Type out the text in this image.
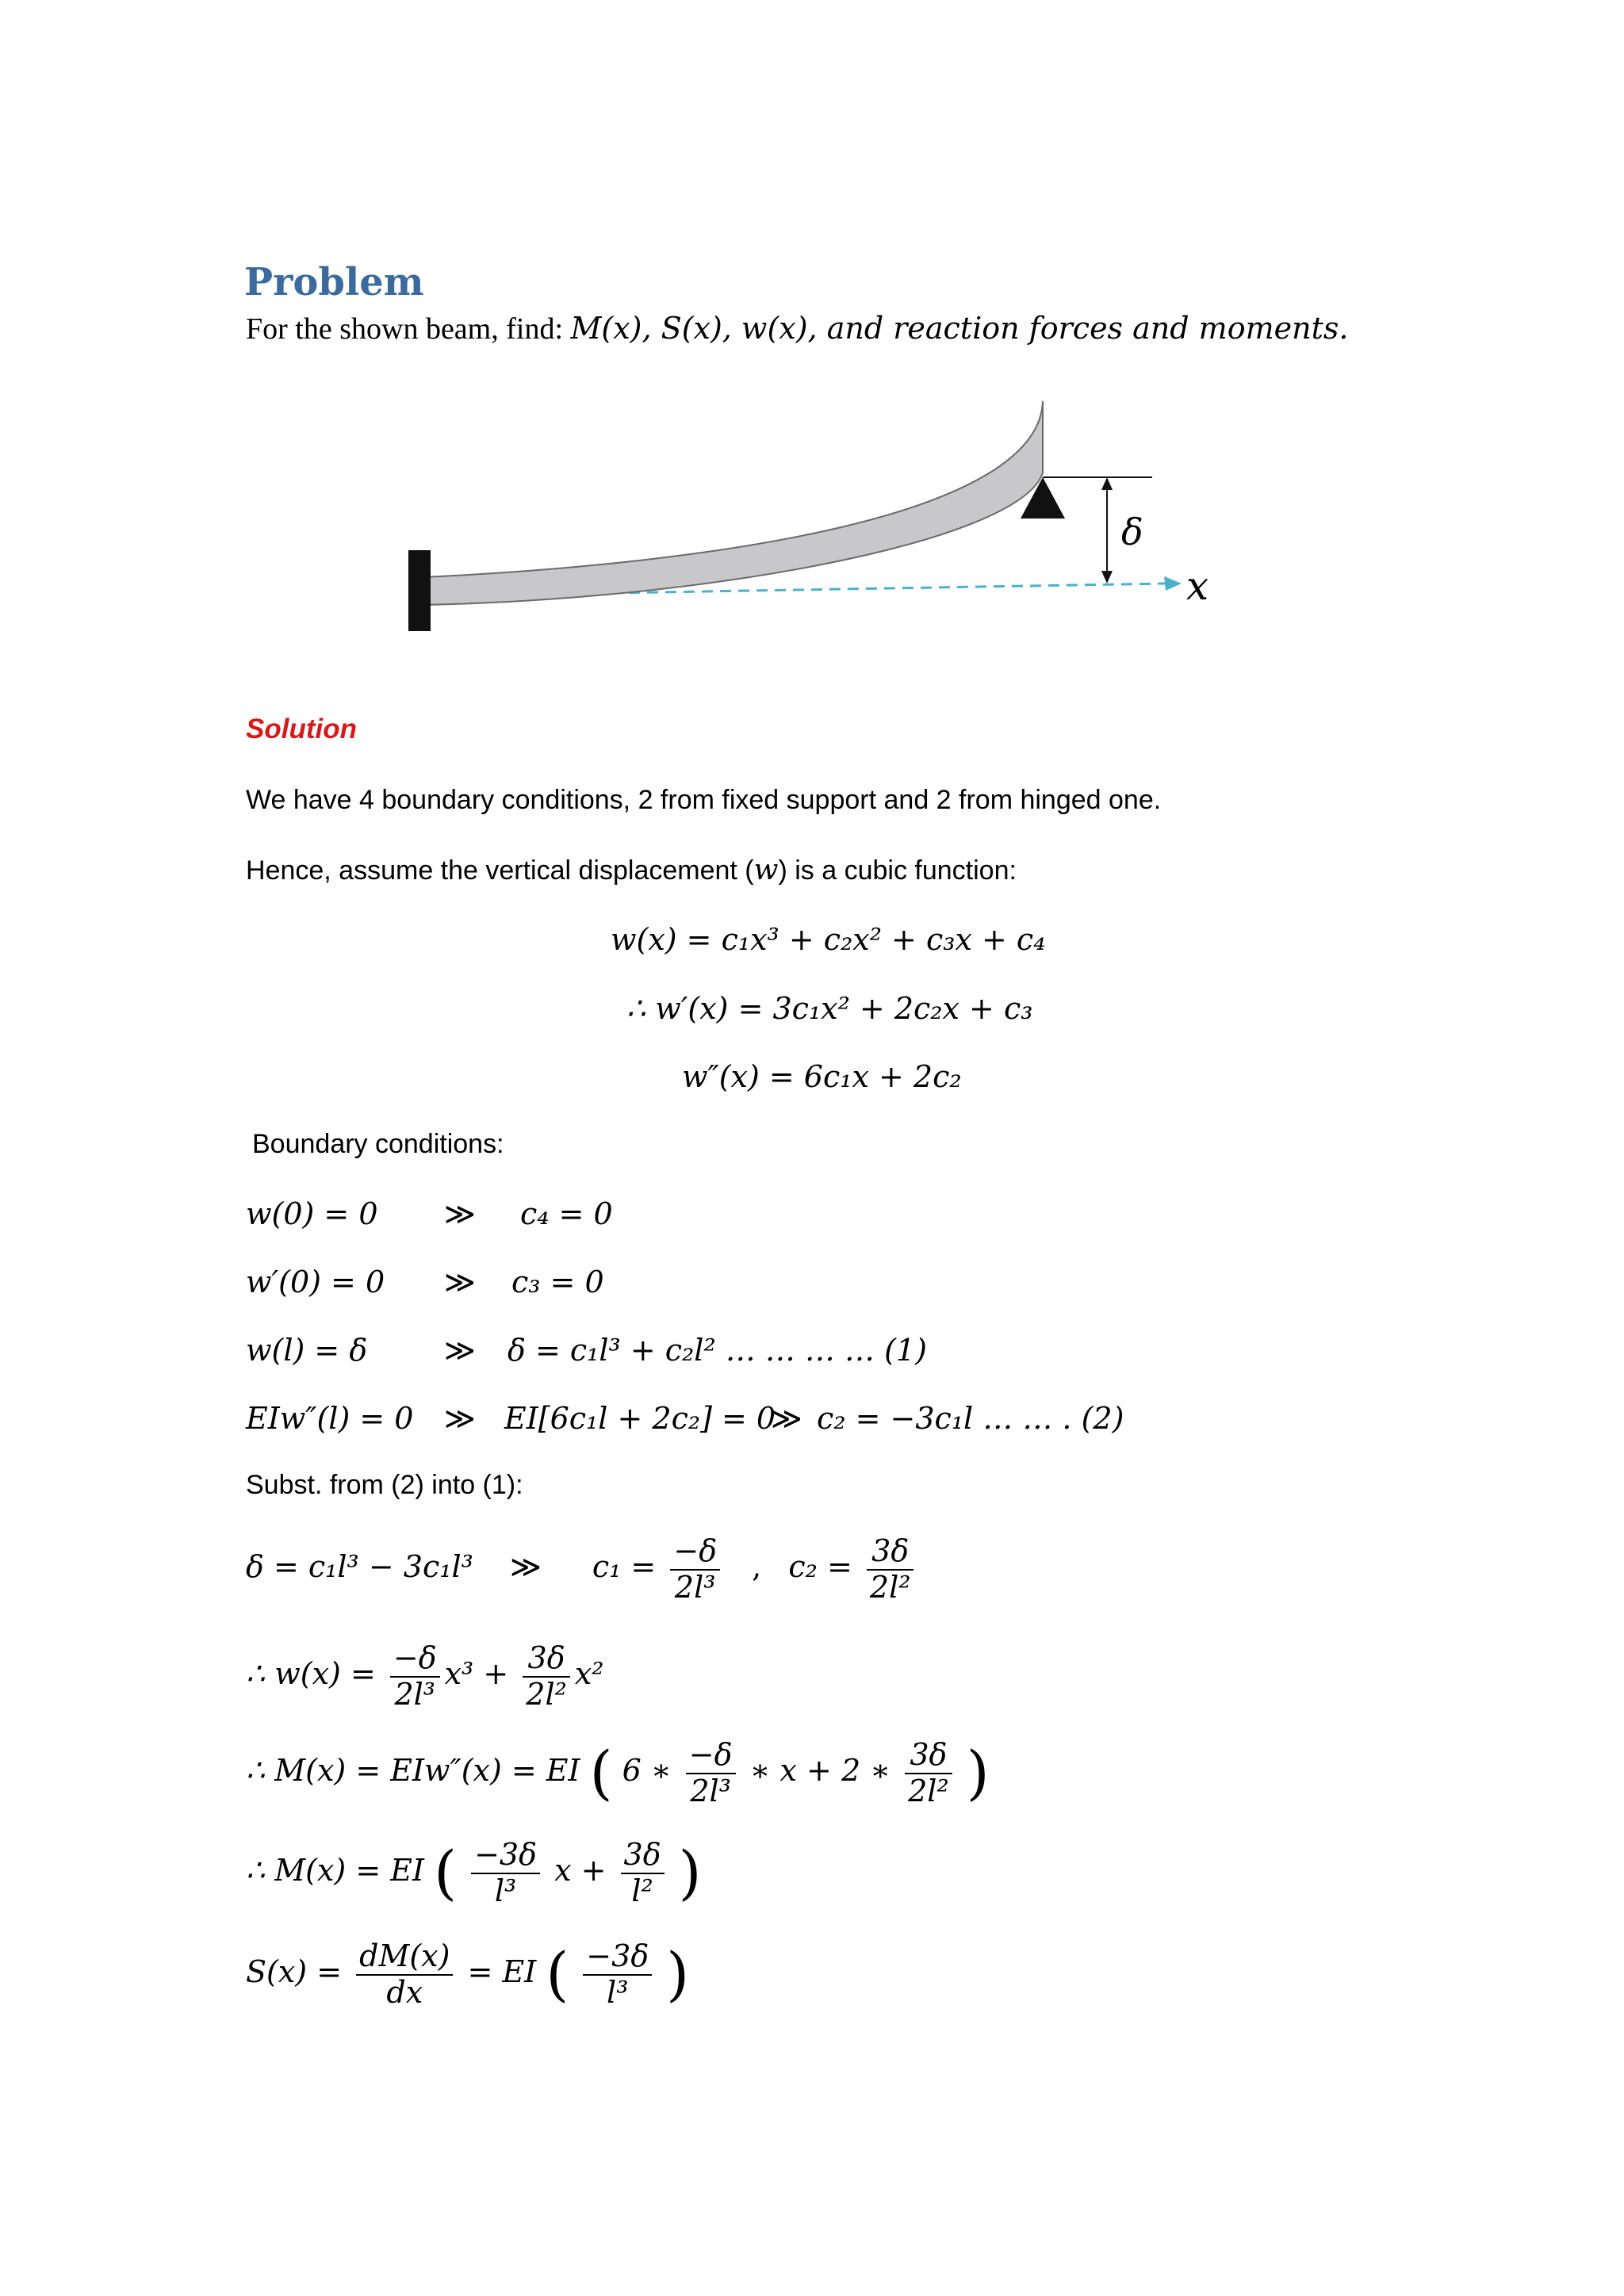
Problem
For the shown beam, find: M(x), S(x), w(x), and reaction forces and moments.
δ
x
Solution
We have 4 boundary conditions, 2 from fixed support and 2 from hinged one.
Hence, assume the vertical displacement (w) is a cubic function:
w(x) = c₁x³ + c₂x² + c₃x + c₄
∴ w′(x) = 3c₁x² + 2c₂x + c₃
w″(x) = 6c₁x + 2c₂
Boundary conditions:
w(0) = 0 ≫ c₄ = 0
w′(0) = 0 ≫ c₃ = 0
w(l) = δ	≫ δ = c₁l³ + c₂l² … … … … (1)
EIw″(l) = 0 ≫ EI[6c₁l + 2c₂] = 0
≫ c₂ = −3c₁l … … . (2)
Subst. from (2) into (1):
δ = c₁l³ − 3c₁l³ ≫ $c_1 = \frac{-\delta}{\text{2l³}}$ , $c_2 = \frac{3\delta}{\text{2l²}}$
∴ $w(x) = \frac{-\delta}{\text{2l³}} x^3 + \frac{3\delta}{\text{2l²}} x^2$
∴ M(x) = EIw″(x) = EI ( 6 ∗ $\frac{-\delta}{\text{2l³}}$ ∗ x + 2 ∗ $\frac{3\delta}{\text{2l²}}$ )
∴ M(x) = EI ( $\frac{-3\delta}{\text{l³}}$ $x + \frac{3\delta}{\text{l²}}$ )
$S(x) = \frac{dM(x)}{dx}$ = EI ( $\frac{-3\delta}{\text{l³}}$ )
